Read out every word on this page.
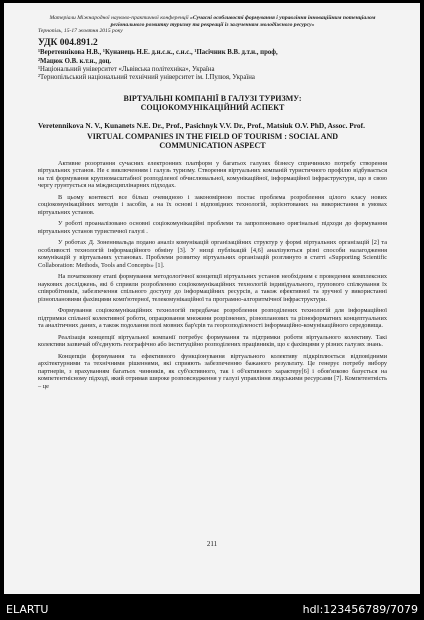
Матеріали Міжнародної науково-практичної конференції «Сучасні особливості формування і управління інноваційним потенціалом регіонального розвитку туризму та рекреації із залученням молодіжного ресурсу»
Тернопіль, 15-17 жовтня 2015 року
УДК 004.891.2
¹Веретеннікова Н.В., ¹Кунанець Н.Е. д.н.с.к., с.н.с., ¹Пасічник В.В. д.т.н., проф,
²Мацюк О.В. к.т.н., доц.
¹Національний університет «Львівська політехніка», Україна
²Тернопільський національний технічний університет ім. І.Пулюя, Україна
ВІРТУАЛЬНІ КОМПАНІЇ В ГАЛУЗІ ТУРИЗМУ:
СОЦІОКОМУНІКАЦІЙНИЙ АСПЕКТ
Veretennikova N. V., Kunanets N.E. Dr., Prof., Pasichnyk V.V. Dr., Prof., Matsiuk O.V. PhD, Assoc. Prof.
VIRTUAL COMPANIES IN THE FIELD OF TOURISM : SOCIAL AND
COMMUNICATION ASPECT

Активне розортання сучасних електронних платформ у багатьох галузях бізнесу спричинило потребу створення віртуальних установ. Не є виключенням і галузь туризму. Створення віртуальних компаній туристичного профілю відбувається на тлі формування крупномасштабної розподіленої обчислювальної, комунікаційної, інформаційної інфраструктури, що в свою чергу грунтується на міждисциплінарних підходах.

В цьому контексті все більш очевидною і закономірною постає проблема розроблення цілого класу нових соціокомунікаційних методів і засобів, а на їх основі і відповідних технологій, зорієнтованих на використання в умовах віртуальних установ.

У роботі проаналізовано основні соціокомунікаційні проблеми та запропоновано оригінальні підходи до формування віртуальних установ туристичної галузі .

У роботах Д. Зоненнвальда подано аналіз комунікацій організаційних структур у формі віртуальних організацій [2] та особливості технологій інформаційного обміну [3]. У низці публікацій [4,6] аналізуються різні способи налагодження комунікацій у віртуальних установах. Проблеми розвитку віртуальних організацій розглянуто в статті «Supporting Scientific Collaboration: Methods, Tools and Concepts» [1].

На початковому етапі формування методологічної концепції віртуальних установ необхідним є проведення комплексних наукових досліджень, які б сприяли розробленню соціокомунікаційних технологій індивідуального, групового спілкування їх співробітників, забезпечення спільного доступу до інформаційних ресурсів, а також ефективної та зручної у використанні різноплановими фахівцями комп'ютерної, телекомунікаційної та програмно-алгоритмічної інфраструктури.

Формування соціокомунікаційних технологій передбачає розроблення розподілених технологій для інформаційної підтримки спільної колективної роботи, опрацювання множини розрізнених, різнопланових та різноформатних концептуальних та аналітичних даних, а також подолання полі мовних бар'єрів та георозподіленості інформаційно-комунікаційного середовища.

Реалізація концепції віртуальної компанії потребує формування та підтримки роботи віртуального колективу. Такі колективи зазвичай об'єднують географічно або інституційно розподілених працівників, що є фахівцями у різних галузях знань.

Концепція формування та ефективного функціонування віртуального колективу підкріплюється відповідними архітектурними та технічними рішеннями, які сприяють забезпеченню бажаного результату. Це генерує потребу вибору партнерів, з врахуванням багатьох чинників, як суб'єктивного, так і об'єктивного характеру[6] і обов'язково базується на компетентнісному підході, який отримав широке розповсюдження у галузі управління людськими ресурсами [7]. Компетентність – це

211
ELARTU	hdl:123456789/7079
